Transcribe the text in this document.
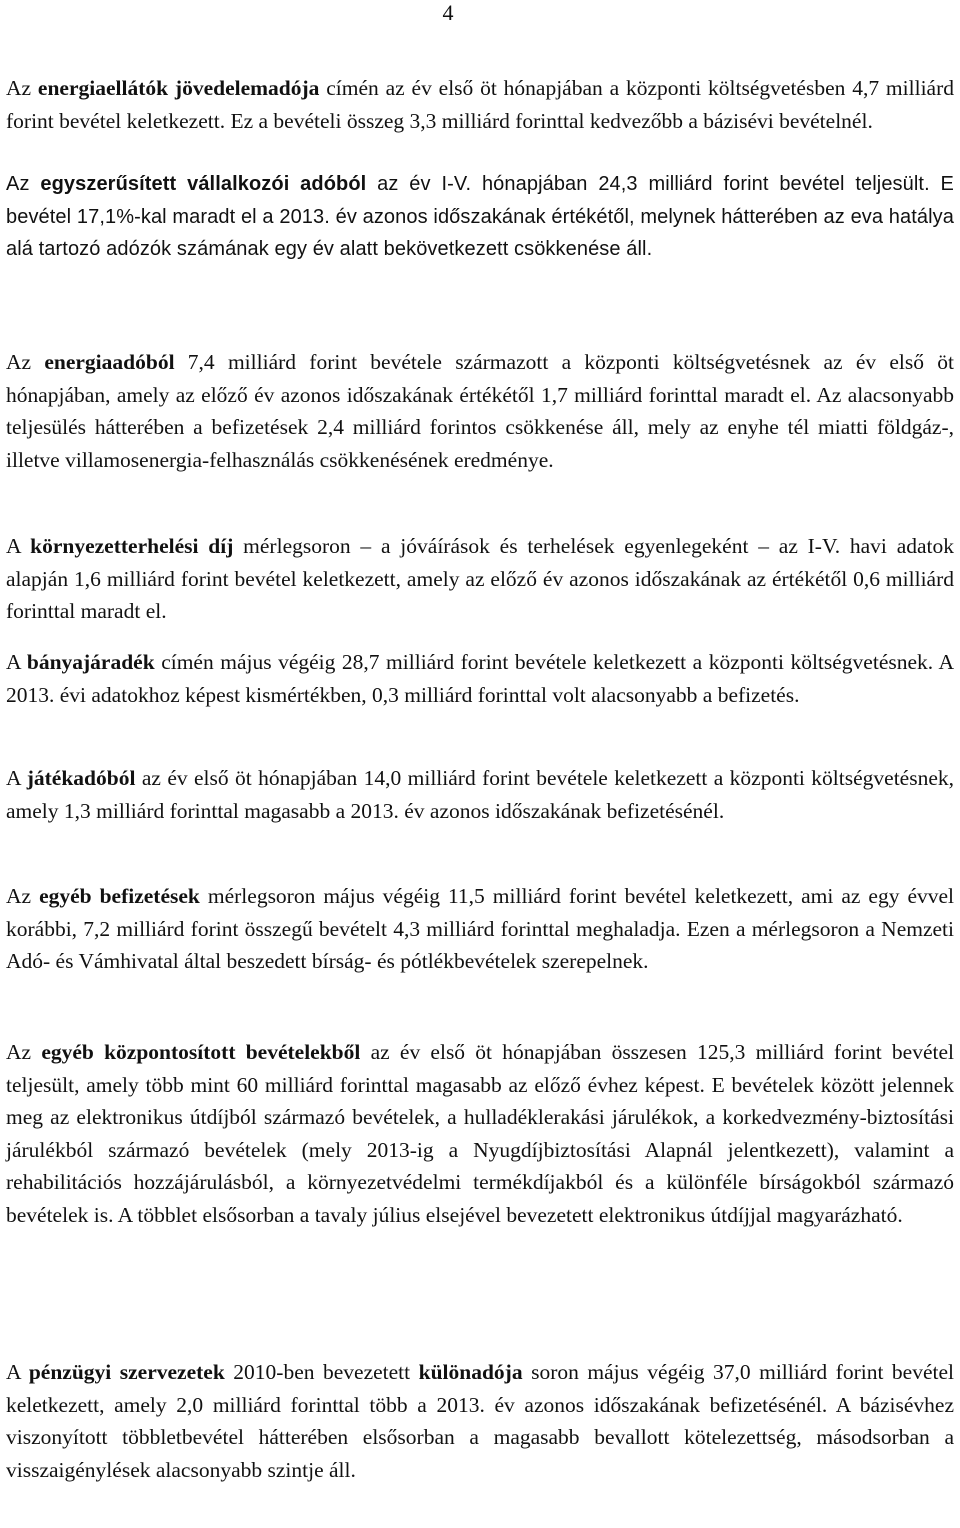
4

Az energiaellátók jövedelemadója címén az év első öt hónapjában a központi költségvetésben 4,7 milliárd forint bevétel keletkezett. Ez a bevételi összeg 3,3 milliárd forinttal kedvezőbb a bázisévi bevételnél.

Az egyszerűsített vállalkozói adóból az év I-V. hónapjában 24,3 milliárd forint bevétel teljesült. E bevétel 17,1%-kal maradt el a 2013. év azonos időszakának értékétől, melynek hátterében az eva hatálya alá tartozó adózók számának egy év alatt bekövetkezett csökkenése áll.

Az energiaadóból 7,4 milliárd forint bevétele származott a központi költségvetésnek az év első öt hónapjában, amely az előző év azonos időszakának értékétől 1,7 milliárd forinttal maradt el. Az alacsonyabb teljesülés hátterében a befizetések 2,4 milliárd forintos csökkenése áll, mely az enyhe tél miatti földgáz-, illetve villamosenergia-felhasználás csökkenésének eredménye.

A környezetterhelési díj mérlegsoron – a jóváírások és terhelések egyenlegeként – az I-V. havi adatok alapján 1,6 milliárd forint bevétel keletkezett, amely az előző év azonos időszakának az értékétől 0,6 milliárd forinttal maradt el.

A bányajáradék címén május végéig 28,7 milliárd forint bevétele keletkezett a központi költségvetésnek. A 2013. évi adatokhoz képest kismértékben, 0,3 milliárd forinttal volt alacsonyabb a befizetés.

A játékadóból az év első öt hónapjában 14,0 milliárd forint bevétele keletkezett a központi költségvetésnek, amely 1,3 milliárd forinttal magasabb a 2013. év azonos időszakának befizetésénél.

Az egyéb befizetések mérlegsoron május végéig 11,5 milliárd forint bevétel keletkezett, ami az egy évvel korábbi, 7,2 milliárd forint összegű bevételt 4,3 milliárd forinttal meghaladja. Ezen a mérlegsoron a Nemzeti Adó- és Vámhivatal által beszedett bírság- és pótlékbevételek szerepelnek.

Az egyéb központosított bevételekből az év első öt hónapjában összesen 125,3 milliárd forint bevétel teljesült, amely több mint 60 milliárd forinttal magasabb az előző évhez képest. E bevételek között jelennek meg az elektronikus útdíjból származó bevételek, a hulladéklerakási járulékok, a korkedvezmény-biztosítási járulékból származó bevételek (mely 2013-ig a Nyugdíjbiztosítási Alapnál jelentkezett), valamint a rehabilitációs hozzájárulásból, a környezetvédelmi termékdíjakból és a különféle bírságokból származó bevételek is. A többlet elsősorban a tavaly július elsejével bevezetett elektronikus útdíjjal magyarázható.

A pénzügyi szervezetek 2010-ben bevezetett különadója soron május végéig 37,0 milliárd forint bevétel keletkezett, amely 2,0 milliárd forinttal több a 2013. év azonos időszakának befizetésénél. A bázisévhez viszonyított többletbevétel hátterében elsősorban a magasabb bevallott kötelezettség, másodsorban a visszaigénylések alacsonyabb szintje áll.
